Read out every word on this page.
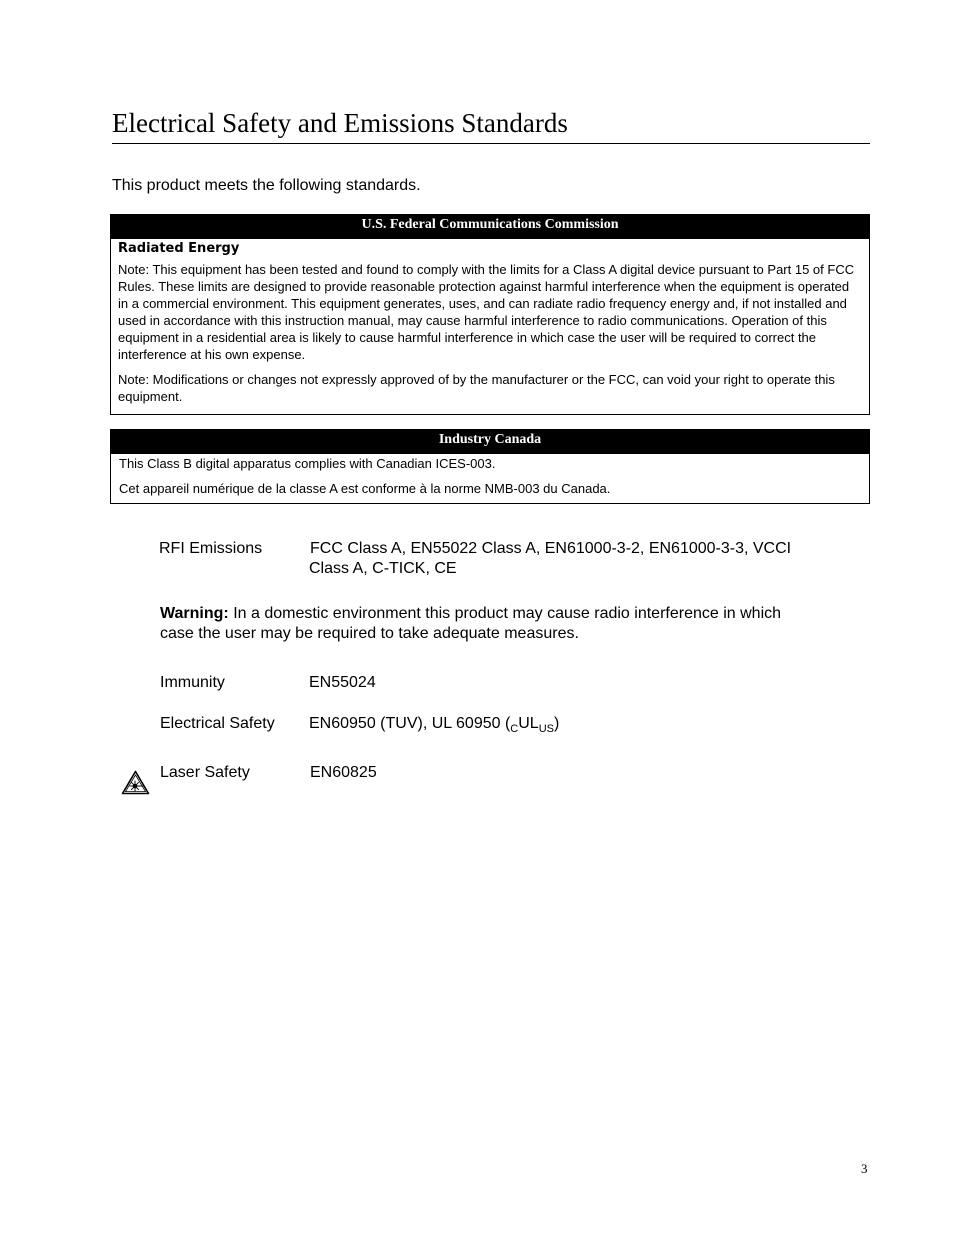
Electrical Safety and Emissions Standards
This product meets the following standards.
U.S. Federal Communications Commission
Radiated Energy

Note: This equipment has been tested and found to comply with the limits for a Class A digital device pursuant to Part 15 of FCC Rules. These limits are designed to provide reasonable protection against harmful interference when the equipment is operated in a commercial environment. This equipment generates, uses, and can radiate radio frequency energy and, if not installed and used in accordance with this instruction manual, may cause harmful interference to radio communications. Operation of this equipment in a residential area is likely to cause harmful interference in which case the user will be required to correct the interference at his own expense.

Note: Modifications or changes not expressly approved of by the manufacturer or the FCC, can void your right to operate this equipment.

Industry Canada

This Class B digital apparatus complies with Canadian ICES-003.

Cet appareil numérique de la classe A est conforme à la norme NMB-003 du Canada.

RFI Emissions	FCC Class A, EN55022 Class A, EN61000-3-2, EN61000-3-3, VCCI
Class A, C-TICK, CE
Warning: In a domestic environment this product may cause radio interference in which case the user may be required to take adequate measures.
Immunity	EN55024
Electrical Safety EN60950 (TUV), UL 60950 $(_CUL_{US})$
Laser Safety	EN60825
3
